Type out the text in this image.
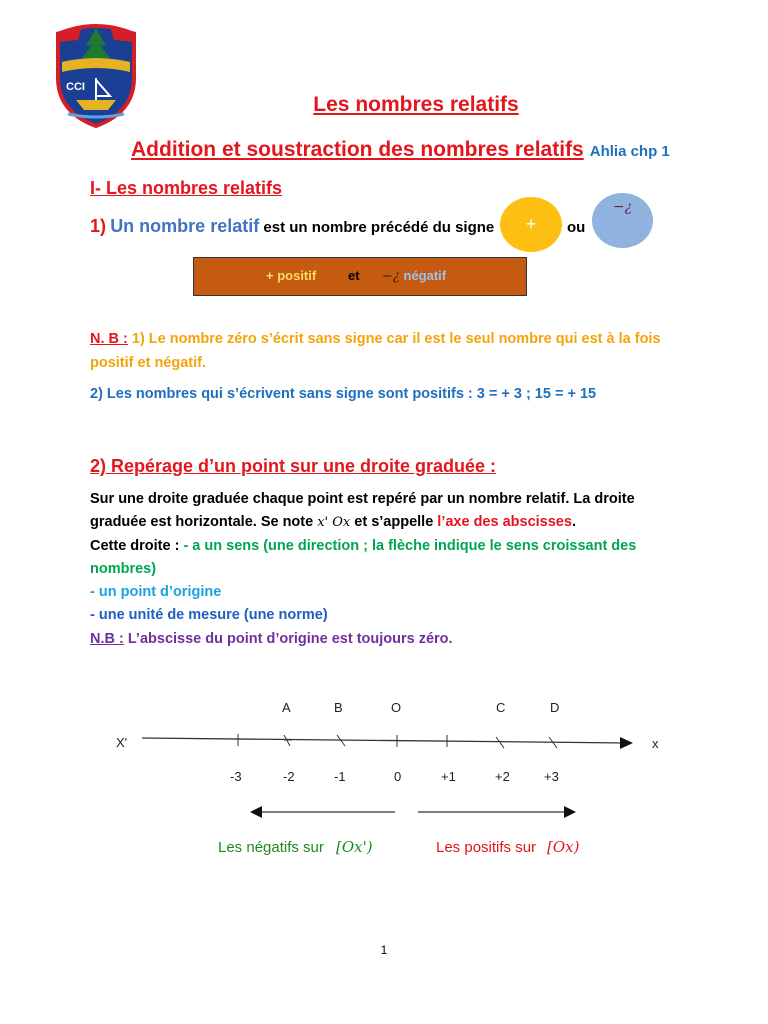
CCI
Les nombres relatifs
Addition et soustraction des nombres relatifs Ahlia chp 1
I- Les nombres relatifs
1) Un nombre relatif est un nombre précédé du signe	+	ou
−¿
+ positif et −¿ négatif
N. B : 1) Le nombre zéro s’écrit sans signe car il est le seul nombre qui est à la fois positif et négatif.
2) Les nombres qui s’écrivent sans signe sont positifs : 3 = + 3 ; 15 = + 15
2) Repérage d’un point sur une droite graduée :
Sur une droite graduée chaque point est repéré par un nombre relatif. La droite graduée est horizontale. Se note x' Ox et s’appelle l’axe des abscisses.
Cette droite : - a un sens (une direction ; la flèche indique le sens croissant des nombres)
- un point d’origine
- une unité de mesure (une norme)
N.B : L’abscisse du point d’origine est toujours zéro.
X'	x
A	B	O	C	D
-3	-2	-1	0	+1	+2	+3
Les négatifs sur [Ox')	Les positifs sur [Ox)
1
